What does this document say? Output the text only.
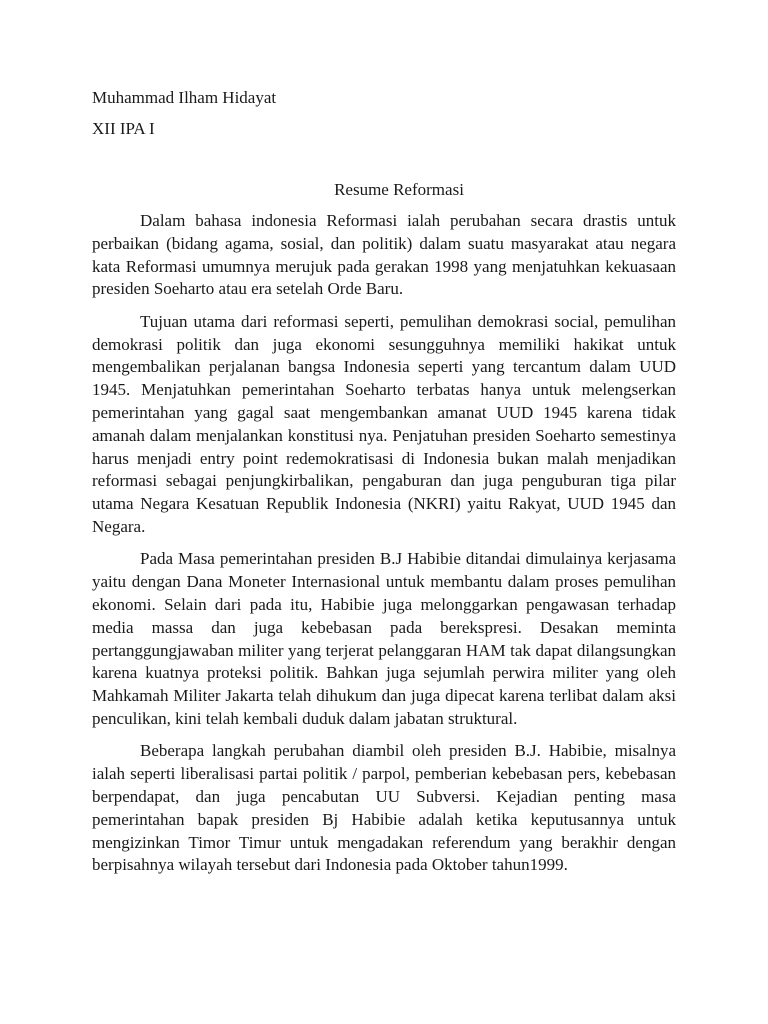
Muhammad Ilham Hidayat
XII IPA I
Resume Reformasi

Dalam bahasa indonesia Reformasi ialah perubahan secara drastis untuk perbaikan (bidang agama, sosial, dan politik) dalam suatu masyarakat atau negara kata Reformasi umumnya merujuk pada gerakan 1998 yang menjatuhkan kekuasaan presiden Soeharto atau era setelah Orde Baru.

Tujuan utama dari reformasi seperti, pemulihan demokrasi social, pemulihan demokrasi politik dan juga ekonomi sesungguhnya memiliki hakikat untuk mengembalikan perjalanan bangsa Indonesia seperti yang tercantum dalam UUD 1945. Menjatuhkan pemerintahan Soeharto terbatas hanya untuk melengserkan pemerintahan yang gagal saat mengembankan amanat UUD 1945 karena tidak amanah dalam menjalankan konstitusi nya. Penjatuhan presiden Soeharto semestinya harus menjadi entry point redemokratisasi di Indonesia bukan malah menjadikan reformasi sebagai penjungkirbalikan, pengaburan dan juga penguburan tiga pilar utama Negara Kesatuan Republik Indonesia (NKRI) yaitu Rakyat, UUD 1945 dan Negara.

Pada Masa pemerintahan presiden B.J Habibie ditandai dimulainya kerjasama yaitu dengan Dana Moneter Internasional untuk membantu dalam proses pemulihan ekonomi. Selain dari pada itu, Habibie juga melonggarkan pengawasan terhadap media massa dan juga kebebasan pada berekspresi. Desakan meminta pertanggungjawaban militer yang terjerat pelanggaran HAM tak dapat dilangsungkan karena kuatnya proteksi politik. Bahkan juga sejumlah perwira militer yang oleh Mahkamah Militer Jakarta telah dihukum dan juga dipecat karena terlibat dalam aksi penculikan, kini telah kembali duduk dalam jabatan struktural.

Beberapa langkah perubahan diambil oleh presiden B.J. Habibie, misalnya ialah seperti liberalisasi partai politik / parpol, pemberian kebebasan pers, kebebasan berpendapat, dan juga pencabutan UU Subversi. Kejadian penting masa pemerintahan bapak presiden Bj Habibie adalah ketika keputusannya untuk mengizinkan Timor Timur untuk mengadakan referendum yang berakhir dengan berpisahnya wilayah tersebut dari Indonesia pada Oktober tahun1999.
